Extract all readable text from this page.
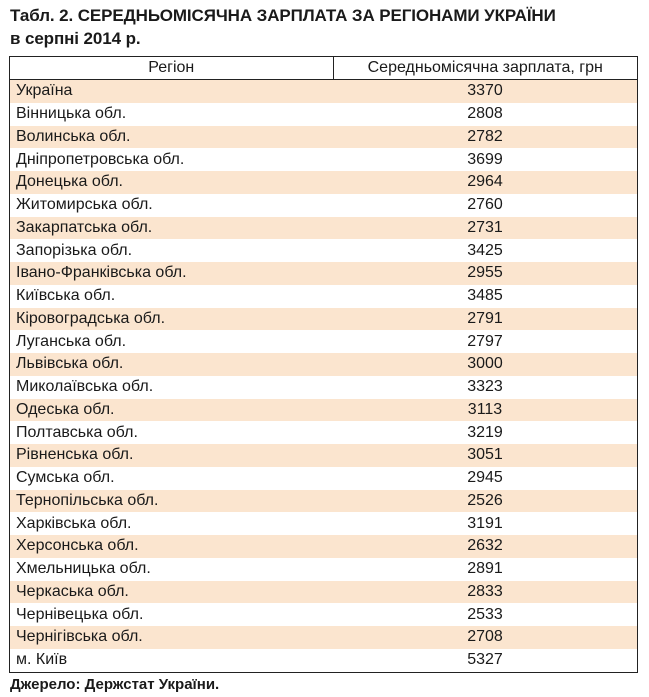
Табл. 2. СЕРЕДНЬОМІСЯЧНА ЗАРПЛАТА ЗА РЕГІОНАМИ УКРАЇНИ
в серпні 2014 р.
Регіон	Середньомісячна зарплата, грн
Україна	3370
Вінницька обл.	2808
Волинська обл.	2782
Дніпропетровська обл.	3699
Донецька обл.	2964
Житомирська обл.	2760
Закарпатська обл.	2731
Запорізька обл.	3425
Івано-Франківська обл.	2955
Київська обл.	3485
Кіровоградська обл.	2791
Луганська обл.	2797
Львівська обл.	3000
Миколаївська обл.	3323
Одеська обл.	3113
Полтавська обл.	3219
Рівненська обл.	3051
Сумська обл.	2945
Тернопільська обл.	2526
Харківська обл.	3191
Херсонська обл.	2632
Хмельницька обл.	2891
Черкаська обл.	2833
Чернівецька обл.	2533
Чернігівська обл.	2708
м. Київ	5327
Джерело: Держстат України.
